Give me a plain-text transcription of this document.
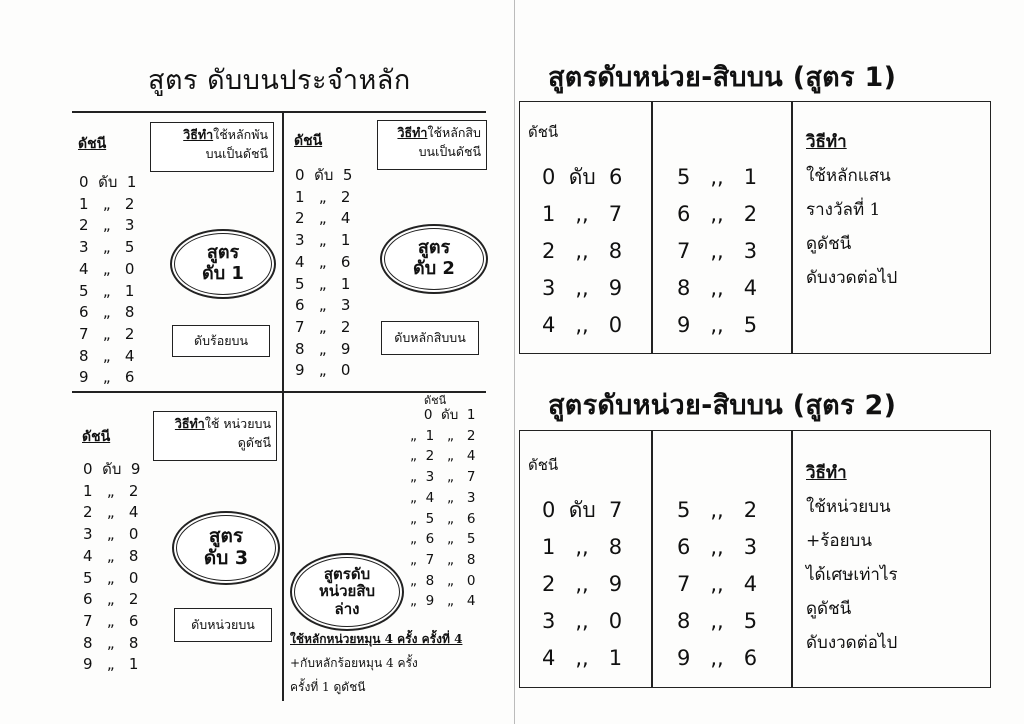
สูตร ดับบนประจำหลัก
ดัชนี
วิธีทำใช้หลักพัน
บนเป็นดัชนี
0  ดับ  1
1   „   2
2   „   3
3   „   5
4   „   0
5   „   1
6   „   8
7   „   2
8   „   4
9   „   6
สูตร
ดับ 1
ดับร้อยบน
ดัชนี
วิธีทำใช้หลักสิบ
บนเป็นดัชนี
0  ดับ  5
1   „   2
2   „   4
3   „   1
4   „   6
5   „   1
6   „   3
7   „   2
8   „   9
9   „   0
สูตร
ดับ 2
ดับหลักสิบบน
ดัชนี
วิธีทำใช้ หน่วยบน
ดูดัชนี
0  ดับ  9
1   „   2
2   „   4
3   „   0
4   „   8
5   „   0
6   „   2
7   „   6
8   „   8
9   „   1
สูตร
ดับ 3
ดับหน่วยบน
ดัชนี
0  ดับ  1
„  1   „   2
„  2   „   4
„  3   „   7
„  4   „   3
„  5   „   6
„  6   „   5
„  7   „   8
„  8   „   0
„  9   „   4
สูตรดับ
หน่วยสิบ
ล่าง
ใช้หลักหน่วยหมุน 4 ครั้ง ครั้งที่ 4
+กับหลักร้อยหมุน 4 ครั้ง
ครั้งที่ 1 ดูดัชนี
สูตรดับหน่วย-สิบบน (สูตร 1)
ดัชนี
0  ดับ  6
1   ,,   7
2   ,,   8
3   ,,   9
4   ,,   0
5   ,,   1
6   ,,   2
7   ,,   3
8   ,,   4
9   ,,   5
วิธีทำ
ใช้หลักแสน
รางวัลที่ 1
ดูดัชนี
ดับงวดต่อไป
สูตรดับหน่วย-สิบบน (สูตร 2)
ดัชนี
0  ดับ  7
1   ,,   8
2   ,,   9
3   ,,   0
4   ,,   1
5   ,,   2
6   ,,   3
7   ,,   4
8   ,,   5
9   ,,   6
วิธีทำ
ใช้หน่วยบน
+ร้อยบน
ได้เศษเท่าไร
ดูดัชนี
ดับงวดต่อไป
